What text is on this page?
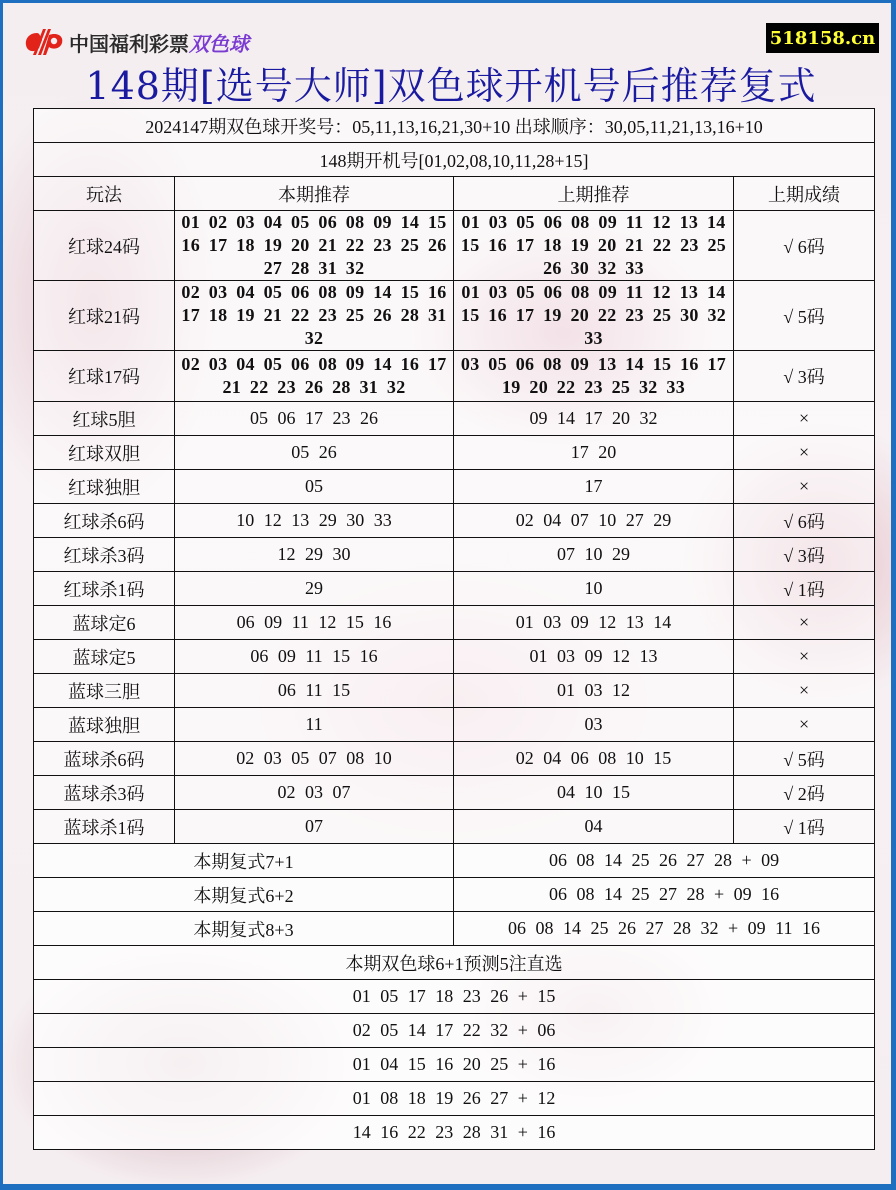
中国福利彩票双色球	518158.cn
148期[选号大师]双色球开机号后推荐复式
2024147期双色球开奖号：05,11,13,16,21,30+10 出球顺序：30,05,11,21,13,16+10			
148期开机号[01,02,08,10,11,28+15]			
玩法	本期推荐	上期推荐	上期成绩
红球24码	01 02 03 04 05 06 08 09 14 15 16 17 18 19 20 21 22 23 25 26 27 28 31 32	01 03 05 06 08 09 11 12 13 14 15 16 17 18 19 20 21 22 23 25 26 30 32 33	√ 6码
红球21码	02 03 04 05 06 08 09 14 15 16 17 18 19 21 22 23 25 26 28 31 32	01 03 05 06 08 09 11 12 13 14 15 16 17 19 20 22 23 25 30 32 33	√ 5码
红球17码	02 03 04 05 06 08 09 14 16 17 21 22 23 26 28 31 32	03 05 06 08 09 13 14 15 16 17 19 20 22 23 25 32 33	√ 3码
红球5胆	05 06 17 23 26	09 14 17 20 32	×
红球双胆	05 26	17 20	×
红球独胆	05	17	×
红球杀6码	10 12 13 29 30 33	02 04 07 10 27 29	√ 6码
红球杀3码	12 29 30	07 10 29	√ 3码
红球杀1码	29	10	√ 1码
蓝球定6	06 09 11 12 15 16	01 03 09 12 13 14	×
蓝球定5	06 09 11 15 16	01 03 09 12 13	×
蓝球三胆	06 11 15	01 03 12	×
蓝球独胆	11	03	×
蓝球杀6码	02 03 05 07 08 10	02 04 06 08 10 15	√ 5码
蓝球杀3码	02 03 07	04 10 15	√ 2码
蓝球杀1码	07	04	√ 1码
本期复式7+1		06 08 14 25 26 27 28 + 09	
本期复式6+2		06 08 14 25 27 28 + 09 16	
本期复式8+3		06 08 14 25 26 27 28 32 + 09 11 16	
本期双色球6+1预测5注直选			
01 05 17 18 23 26 + 15			
02 05 14 17 22 32 + 06			
01 04 15 16 20 25 + 16			
01 08 18 19 26 27 + 12			
14 16 22 23 28 31 + 16			
